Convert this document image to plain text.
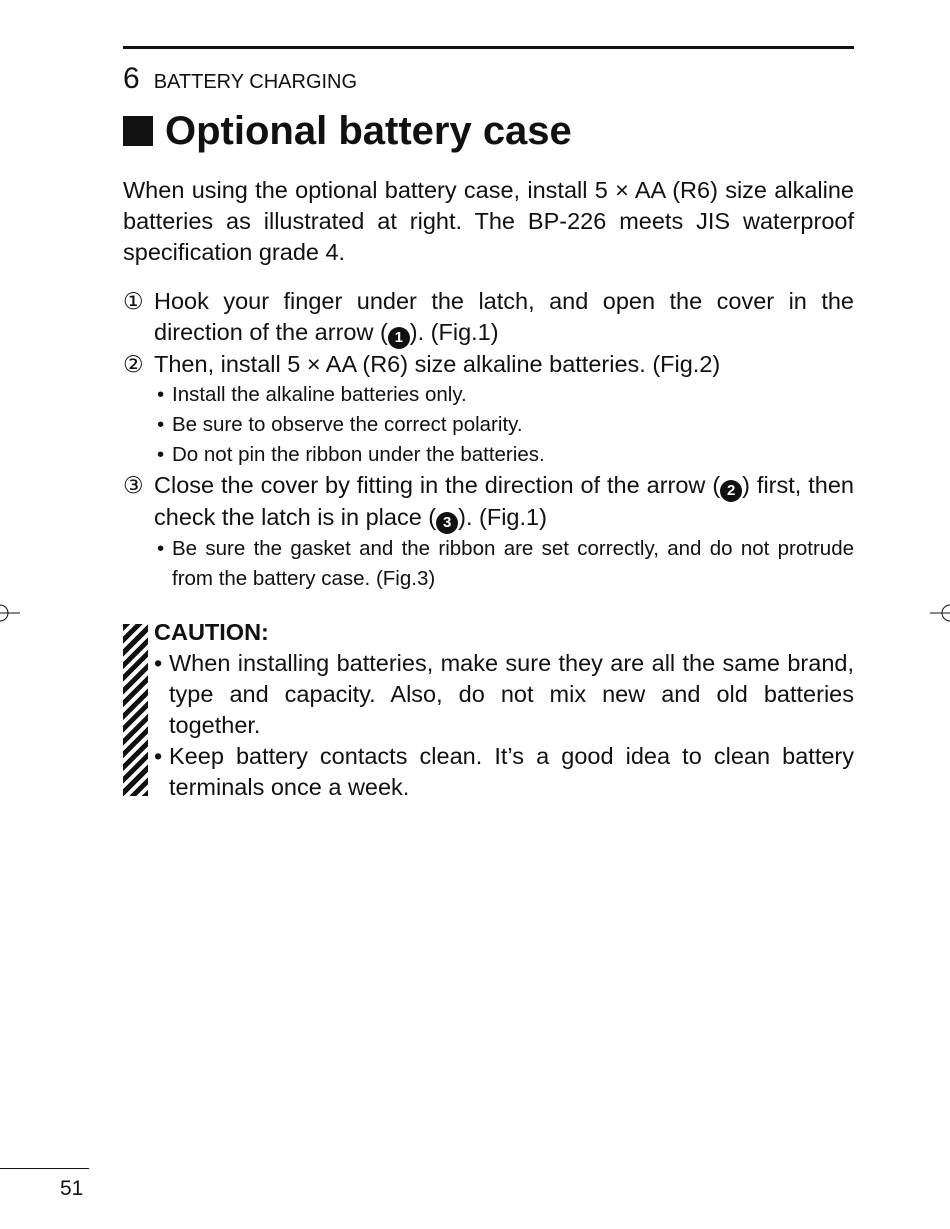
6 BATTERY CHARGING
Optional battery case
When using the optional battery case, install 5 × AA (R6) size alkaline batteries as illustrated at right. The BP-226 meets JIS waterproof specification grade 4.
① Hook your finger under the latch, and open the cover in the direction of the arrow ( 1 ). (Fig.1)
② Then, install 5 × AA (R6) size alkaline batteries. (Fig.2)
• Install the alkaline batteries only.
• Be sure to observe the correct polarity.
• Do not pin the ribbon under the batteries.
③ Close the cover by fitting in the direction of the arrow ( 2 ) first, then check the latch is in place ( 3 ). (Fig.1)
• Be sure the gasket and the ribbon are set correctly, and do not protrude from the battery case. (Fig.3)
CAUTION:
• When installing batteries, make sure they are all the same brand, type and capacity. Also, do not mix new and old batteries together.
• Keep battery contacts clean. It’s a good idea to clean battery terminals once a week.
51
